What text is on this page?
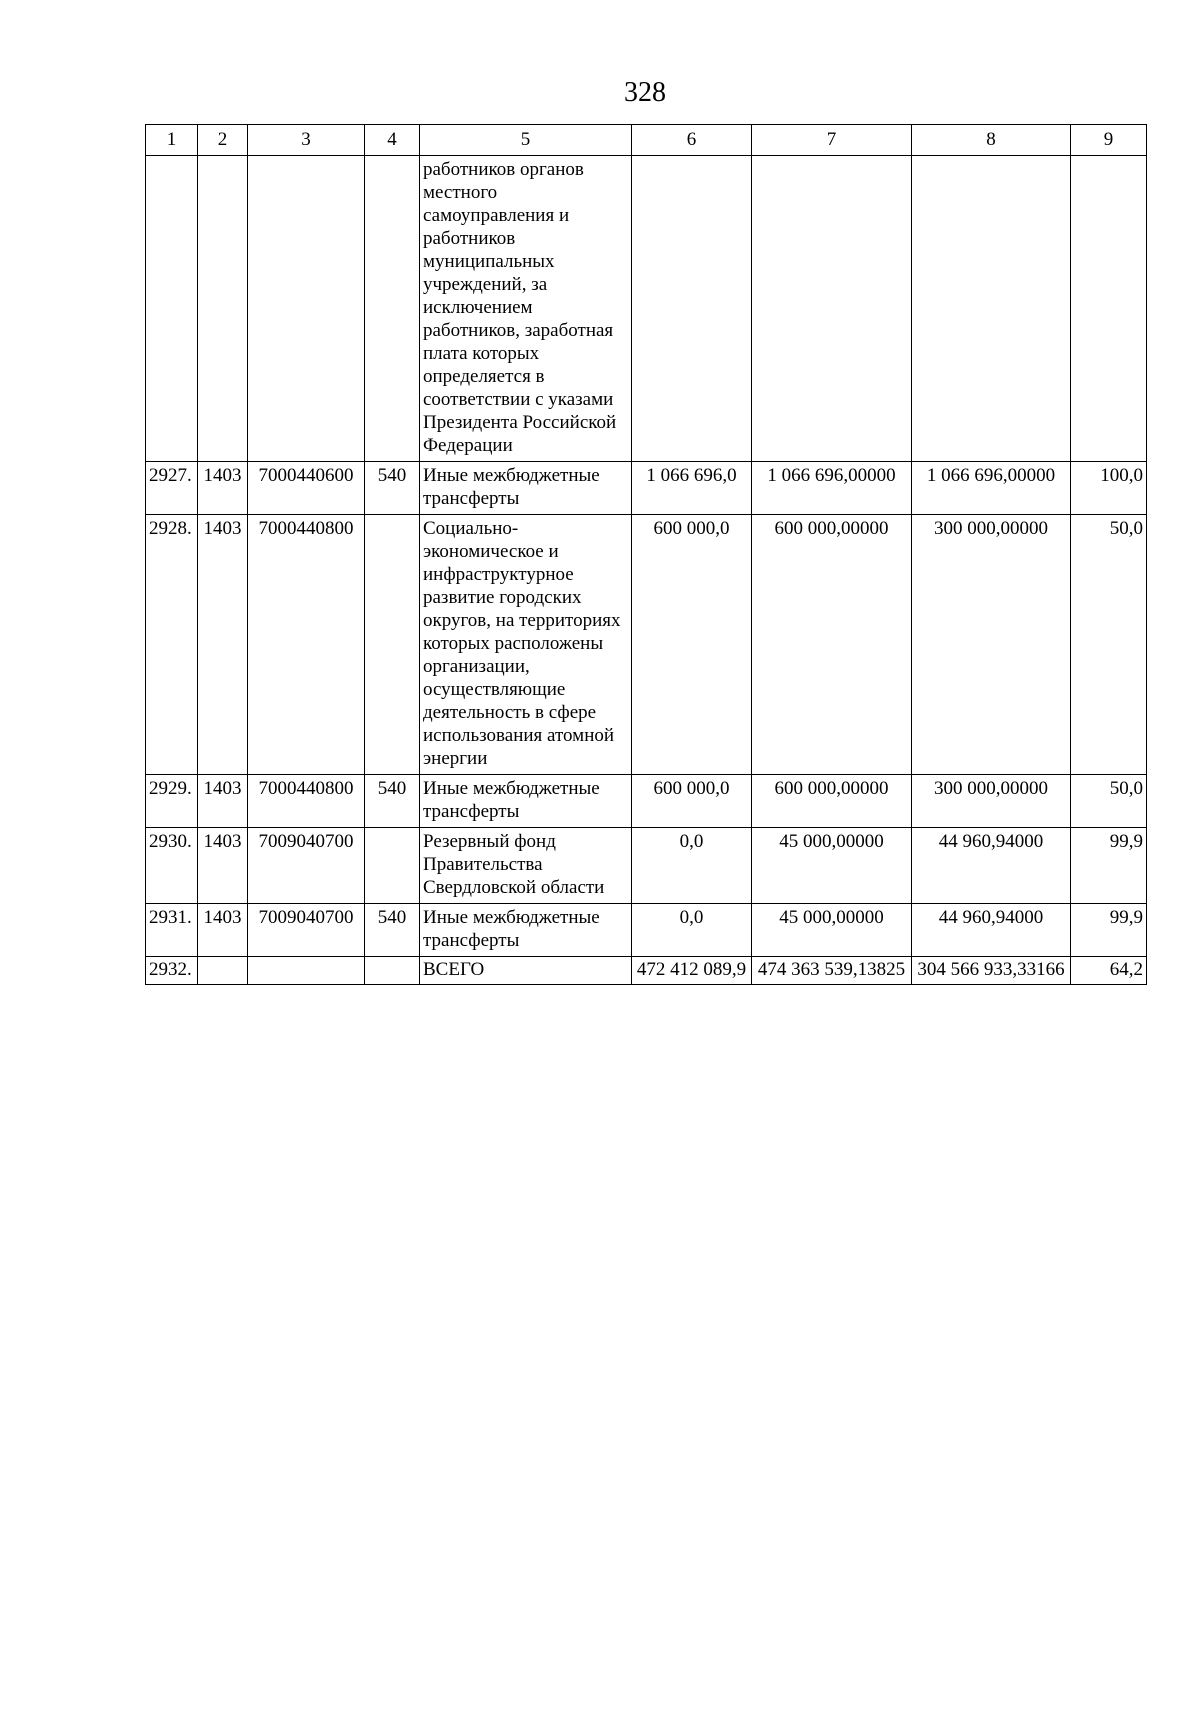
328
1	2	3	4	5	6	7	8	9
				работников органов местного самоуправления и работников муниципальных учреждений, за исключением работников, заработная плата которых определяется в соответствии с указами Президента Российской Федерации				
2927.	1403	7000440600	540	Иные межбюджетные трансферты	1 066 696,0	1 066 696,00000	1 066 696,00000	100,0
2928.	1403	7000440800		Социально-экономическое и инфраструктурное развитие городских округов, на территориях которых расположены организации, осуществляющие деятельность в сфере использования атомной энергии	600 000,0	600 000,00000	300 000,00000	50,0
2929.	1403	7000440800	540	Иные межбюджетные трансферты	600 000,0	600 000,00000	300 000,00000	50,0
2930.	1403	7009040700		Резервный фонд Правительства Свердловской области	0,0	45 000,00000	44 960,94000	99,9
2931.	1403	7009040700	540	Иные межбюджетные трансферты	0,0	45 000,00000	44 960,94000	99,9
2932.				ВСЕГО	472 412 089,9	474 363 539,13825	304 566 933,33166	64,2
